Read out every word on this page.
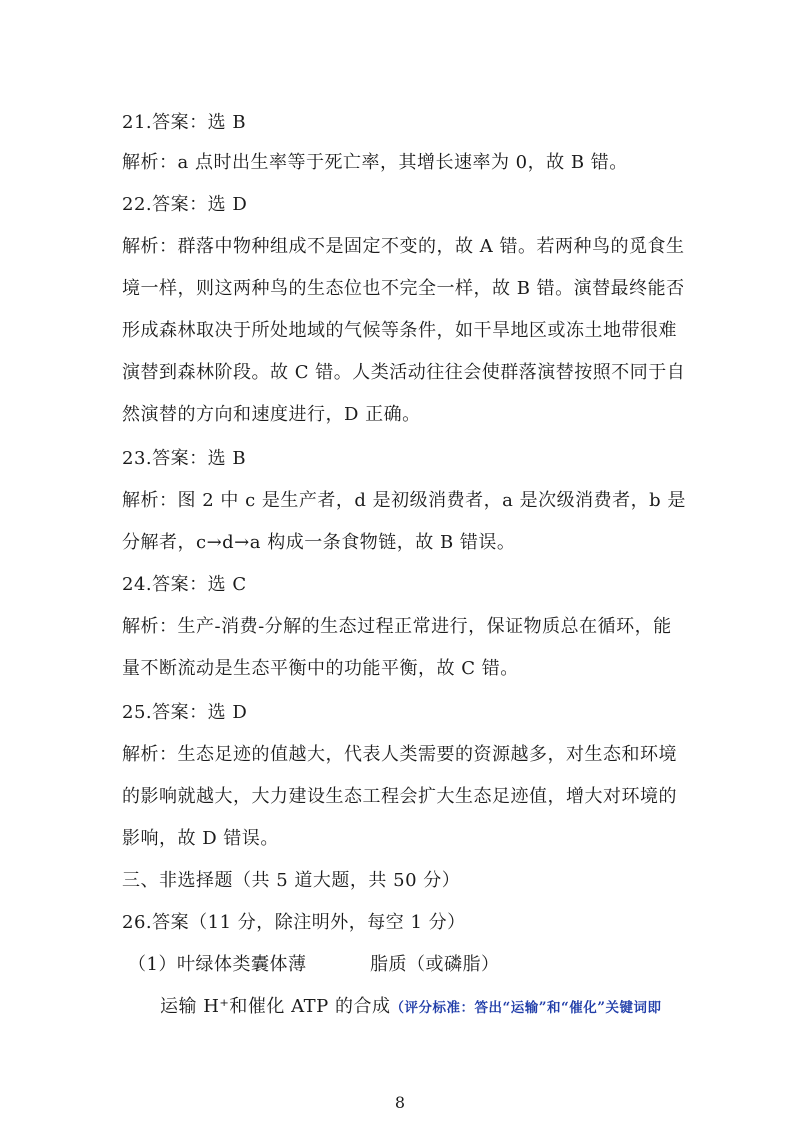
21.答案：选 B
解析：a 点时出生率等于死亡率，其增长速率为 0，故 B 错。
22.答案：选 D
解析：群落中物种组成不是固定不变的，故 A 错。若两种鸟的觅食生
境一样，则这两种鸟的生态位也不完全一样，故 B 错。演替最终能否
形成森林取决于所处地域的气候等条件，如干旱地区或冻土地带很难
演替到森林阶段。故 C 错。人类活动往往会使群落演替按照不同于自
然演替的方向和速度进行，D 正确。
23.答案：选 B
解析：图 2 中 c 是生产者，d 是初级消费者，a 是次级消费者，b 是
分解者，c→d→a 构成一条食物链，故 B 错误。
24.答案：选 C
解析：生产-消费-分解的生态过程正常进行，保证物质总在循环，能
量不断流动是生态平衡中的功能平衡，故 C 错。
25.答案：选 D
解析：生态足迹的值越大，代表人类需要的资源越多，对生态和环境
的影响就越大，大力建设生态工程会扩大生态足迹值，增大对环境的
影响，故 D 错误。
三、非选择题（共 5 道大题，共 50 分）
26.答案（11 分，除注明外，每空 1 分）
（1）叶绿体类囊体薄	脂质（或磷脂）
运输 H⁺和催化 ATP 的合成（评分标准：答出“运输”和“催化”关键词即
8
